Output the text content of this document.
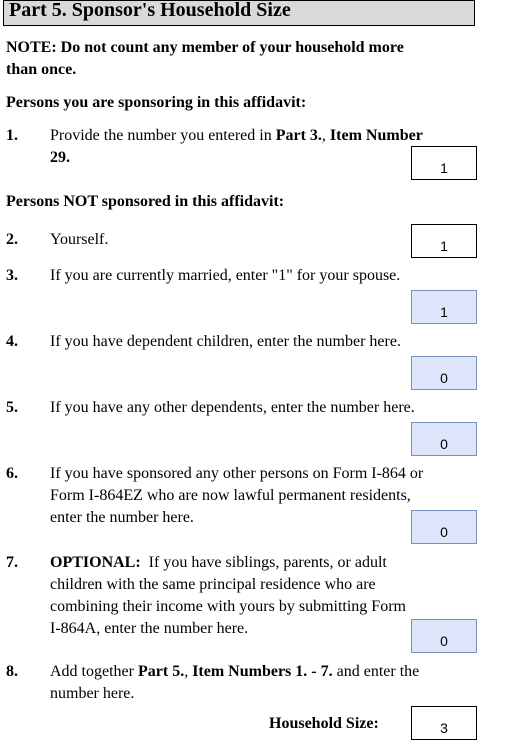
Part 5. Sponsor's Household Size
NOTE: Do not count any member of your household more
than once.
Persons you are sponsoring in this affidavit:
1. Provide the number you entered in Part 3., Item Number
29.
1
Persons NOT sponsored in this affidavit:
2. Yourself.	1
3. If you are currently married, enter "1" for your spouse.
1
4. If you have dependent children, enter the number here.
0
5. If you have any other dependents, enter the number here.
0
6. If you have sponsored any other persons on Form I-864 or
Form I-864EZ who are now lawful permanent residents,
enter the number here.
0
7. OPTIONAL:  If you have siblings, parents, or adult
children with the same principal residence who are
combining their income with yours by submitting Form
I-864A, enter the number here.
0
8. Add together Part 5., Item Numbers 1. - 7. and enter the
number here.
Household Size:	3
